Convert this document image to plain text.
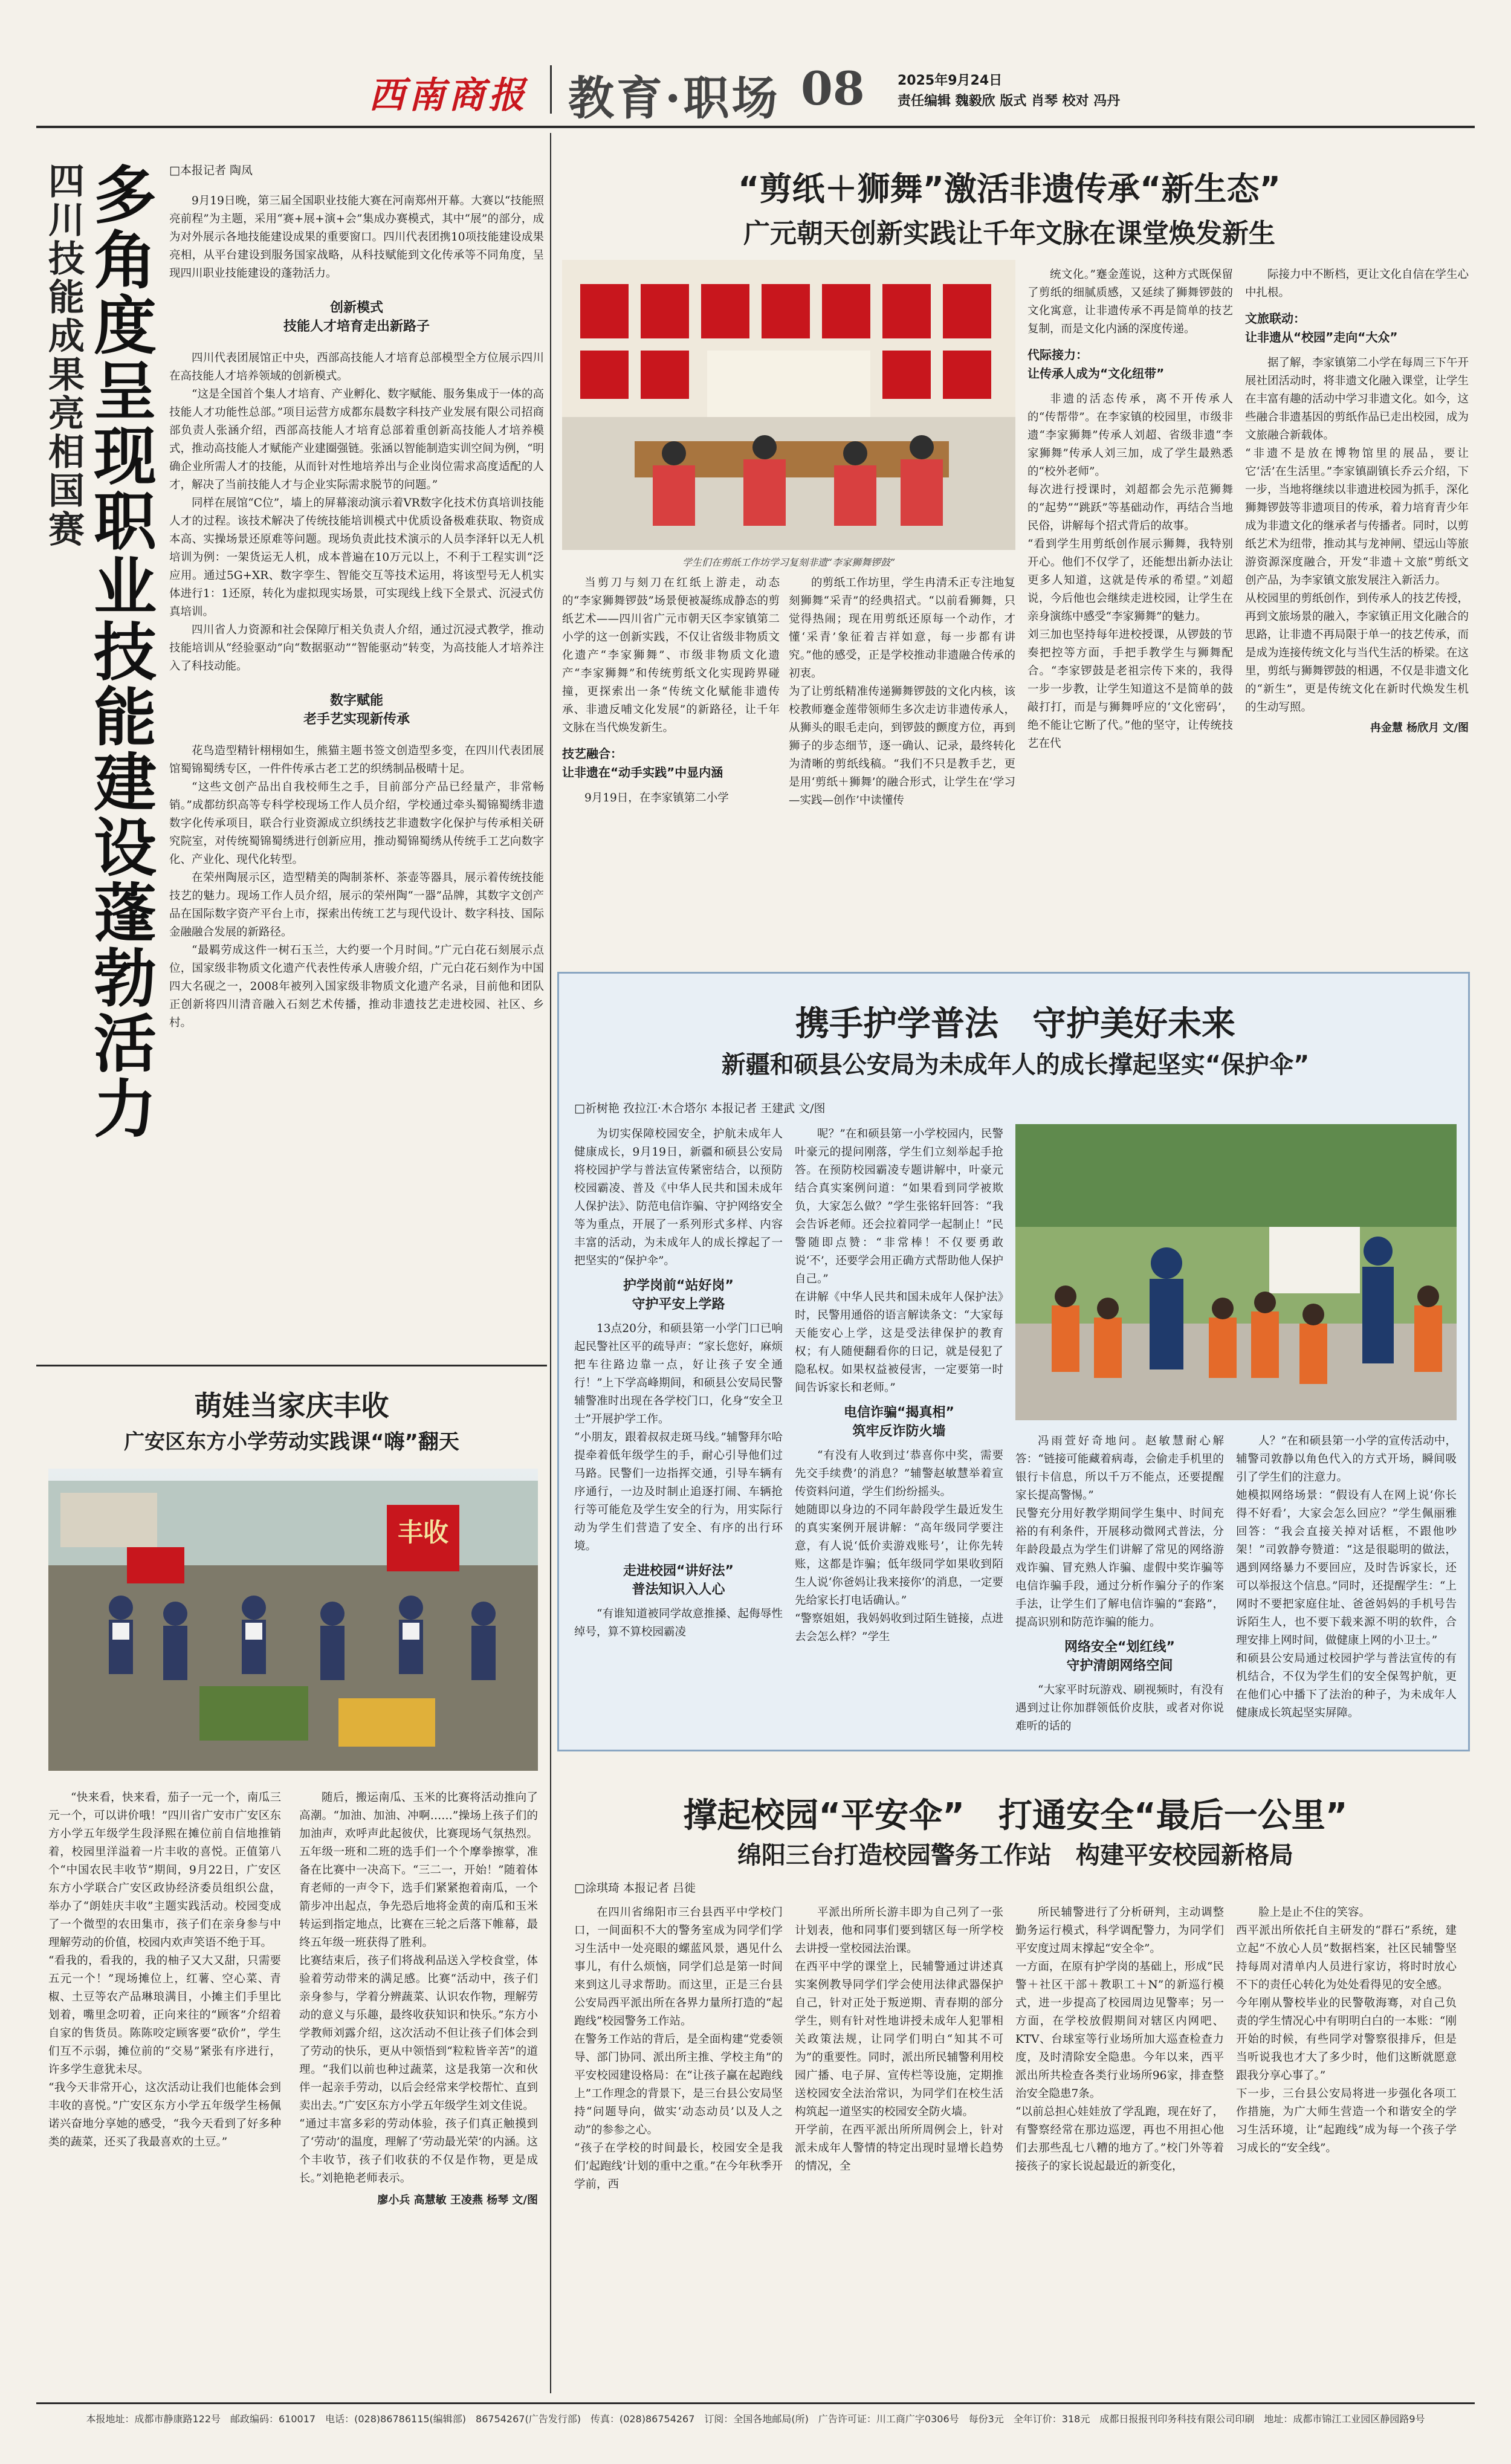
西南商报 教育·职场 08 2025年9月24日
责任编辑 魏毅欣 版式 肖琴 校对 冯丹
四川技能成果亮相国赛
多角度呈现职业技能建设蓬勃活力 □本报记者 陶凤

9月19日晚，第三届全国职业技能大赛在河南郑州开幕。大赛以“技能照亮前程”为主题，采用“赛+展+演+会”集成办赛模式，其中“展”的部分，成为对外展示各地技能建设成果的重要窗口。四川代表团携10项技能建设成果亮相，从平台建设到服务国家战略，从科技赋能到文化传承等不同角度，呈现四川职业技能建设的蓬勃活力。

创新模式
技能人才培育走出新路子

四川代表团展馆正中央，西部高技能人才培育总部模型全方位展示四川在高技能人才培养领域的创新模式。

“这是全国首个集人才培育、产业孵化、数字赋能、服务集成于一体的高技能人才功能性总部。”项目运营方成都东晨数字科技产业发展有限公司招商部负责人张涵介绍，西部高技能人才培育总部着重创新高技能人才培养模式，推动高技能人才赋能产业建圈强链。张涵以智能制造实训空间为例，“明确企业所需人才的技能，从而针对性地培养出与企业岗位需求高度适配的人才，解决了当前技能人才与企业实际需求脱节的问题。”

同样在展馆“C位”，墙上的屏幕滚动演示着VR数字化技术仿真培训技能人才的过程。该技术解决了传统技能培训模式中优质设备极难获取、物资成本高、实操场景还原难等问题。现场负责此技术演示的人员李泽轩以无人机培训为例：一架货运无人机，成本普遍在10万元以上，不利于工程实训“泛应用。通过5G+XR、数字孪生、智能交互等技术运用，将该型号无人机实体进行1：1还原，转化为虚拟现实场景，可实现线上线下全景式、沉浸式仿真培训。

四川省人力资源和社会保障厅相关负责人介绍，通过沉浸式教学，推动技能培训从“经验驱动”向“数据驱动”“智能驱动”转变，为高技能人才培养注入了科技动能。

数字赋能
老手艺实现新传承

花鸟造型精针栩栩如生，熊猫主题书签文创造型多变，在四川代表团展馆蜀锦蜀绣专区，一件件传承古老工艺的织绣制品极晴十足。

“这些文创产品出自我校师生之手，目前部分产品已经量产，非常畅销。”成都纺织高等专科学校现场工作人员介绍，学校通过牵头蜀锦蜀绣非遗数字化传承项目，联合行业资源成立织绣技艺非遗数字化保护与传承相关研究院室，对传统蜀锦蜀绣进行创新应用，推动蜀锦蜀绣从传统手工艺向数字化、产业化、现代化转型。

在荣州陶展示区，造型精美的陶制茶杯、茶壶等器具，展示着传统技能技艺的魅力。现场工作人员介绍，展示的荣州陶“一器”品牌，其数字文创产品在国际数字资产平台上市，探索出传统工艺与现代设计、数字科技、国际金融融合发展的新路径。

“最羁劳成这件一树石玉兰，大约要一个月时间。”广元白花石刻展示点位，国家级非物质文化遗产代表性传承人唐骏介绍，广元白花石刻作为中国四大名砚之一，2008年被列入国家级非物质文化遗产名录，目前他和团队正创新将四川清音融入石刻艺术传播，推动非遗技艺走进校园、社区、乡村。

萌娃当家庆丰收
广安区东方小学劳动实践课“嗨”翻天
丰收

“快来看，快来看，茄子一元一个，南瓜三元一个，可以讲价哦！”四川省广安市广安区东方小学五年级学生段泽熙在摊位前自信地推销着，校园里洋溢着一片丰收的喜悦。正值第八个“中国农民丰收节”期间，9月22日，广安区东方小学联合广安区政协经济委员组织公盘，举办了“朗娃庆丰收”主题实践活动。校园变成了一个微型的农田集市，孩子们在亲身参与中理解劳动的价值，校园内欢声笑语不绝于耳。
“看我的，看我的，我的柚子又大又甜，只需要五元一个！”现场摊位上，红薯、空心菜、青椒、土豆等农产品琳琅满目，小摊主们手里比划着，嘴里念叨着，正向来往的“顾客”介绍着自家的售货员。陈陈咬定顾客要“砍价”，学生们互不示弱，摊位前的“交易”紧张有序进行，许多学生意犹未尽。
“我今天非常开心，这次活动让我们也能体会到丰收的喜悦。”广安区东方小学五年级学生杨佩诺兴奋地分享她的感受，“我今天看到了好多种类的蔬菜，还买了我最喜欢的土豆。”

随后，搬运南瓜、玉米的比赛将活动推向了高潮。“加油、加油、冲啊……”操场上孩子们的加油声，欢呼声此起彼伏，比赛现场气氛热烈。五年级一班和二班的选手们一个个摩拳擦掌，准备在比赛中一决高下。“三二一，开始！”随着体育老师的一声令下，选手们紧紧抱着南瓜，一个箭步冲出起点，争先恐后地将金黄的南瓜和玉米转运到指定地点，比赛在三轮之后落下帷幕，最终五年级一班获得了胜利。
比赛结束后，孩子们将战利品送入学校食堂，体验着劳动带来的满足感。比赛“活动中，孩子们亲身参与，学着分辨蔬菜、认识农作物，理解劳动的意义与乐趣，最终收获知识和快乐。”东方小学教师刘露介绍，这次活动不但让孩子们体会到了劳动的快乐，更从中领悟到“粒粒皆辛苦”的道理。“我们以前也种过蔬菜，这是我第一次和伙伴一起亲手劳动，以后会经常来学校帮忙、直到卖出去。”广安区东方小学五年级学生刘文佳说。
“通过丰富多彩的劳动体验，孩子们真正触摸到了‘劳动’的温度，理解了‘劳动最光荣’的内涵。这个丰收节，孩子们收获的不仅是作物，更是成长。”刘艳艳老师表示。

廖小兵 高慧敏 王凌燕 杨琴 文/图
“剪纸＋狮舞”激活非遗传承“新生态”
广元朝天创新实践让千年文脉在课堂焕发新生
学生们在剪纸工作坊学习复刻非遗“李家狮舞锣鼓”

当剪刀与刻刀在红纸上游走，动态的“李家狮舞锣鼓”场景便被凝练成静态的剪纸艺术——四川省广元市朝天区李家镇第二小学的这一创新实践，不仅让省级非物质文化遗产“李家狮舞”、市级非物质文化遗产“李家狮舞”和传统剪纸文化实现跨界碰撞，更探索出一条“传统文化赋能非遗传承、非遗反哺文化发展”的新路径，让千年文脉在当代焕发新生。

技艺融合：
让非遗在“动手实践”中显内涵

9月19日，在李家镇第二小学

的剪纸工作坊里，学生冉清禾正专注地复刻狮舞“采青”的经典招式。“以前看狮舞，只觉得热闹；现在用剪纸还原每一个动作，才懂‘采青’象征着吉祥如意，每一步都有讲究。”他的感受，正是学校推动非遗融合传承的初衷。
为了让剪纸精准传递狮舞锣鼓的文化内核，该校教师蹇金莲带领师生多次走访非遗传承人，从狮头的眼毛走向，到锣鼓的颤度方位，再到狮子的步态细节，逐一确认、记录，最终转化为清晰的剪纸线稿。“我们不只是教手艺，更是用‘剪纸＋狮舞’的融合形式，让学生在‘学习—实践—创作’中读懂传

统文化。”蹇金莲说，这种方式既保留了剪纸的细腻质感，又延续了狮舞锣鼓的文化寓意，让非遗传承不再是简单的技艺复制，而是文化内涵的深度传递。

代际接力：
让传承人成为“文化纽带”

非遗的活态传承，离不开传承人的“传帮带”。在李家镇的校园里，市级非遗“李家狮舞”传承人刘超、省级非遗“李家狮舞”传承人刘三加，成了学生最熟悉的“校外老师”。
每次进行授课时，刘超都会先示范狮舞的“起势”“跳跃”等基础动作，再结合当地民俗，讲解每个招式背后的故事。
“看到学生用剪纸创作展示狮舞，我特别开心。他们不仅学了，还能想出新办法让更多人知道，这就是传承的希望。”刘超说，今后他也会继续走进校园，让学生在亲身演练中感受“李家狮舞”的魅力。
刘三加也坚持每年进校授课，从锣鼓的节奏把控等方面，手把手教学生与狮舞配合。“李家锣鼓是老祖宗传下来的，我得一步一步教，让学生知道这不是简单的鼓敲打打，而是与狮舞呼应的‘文化密码’，绝不能让它断了代。”他的坚守，让传统技艺在代

际接力中不断档，更让文化自信在学生心中扎根。

文旅联动：
让非遗从“校园”走向“大众”

据了解，李家镇第二小学在每周三下午开展社团活动时，将非遗文化融入课堂，让学生在丰富有趣的活动中学习非遗文化。如今，这些融合非遗基因的剪纸作品已走出校园，成为文旅融合新载体。
“非遗不是放在博物馆里的展品，要让它‘活’在生活里。”李家镇副镇长乔云介绍，下一步，当地将继续以非遗进校园为抓手，深化狮舞锣鼓等非遗项目的传承，着力培育青少年成为非遗文化的继承者与传播者。同时，以剪纸艺术为纽带，推动其与龙神闸、望远山等旅游资源深度融合，开发“非遗＋文旅”剪纸文创产品，为李家镇文旅发展注入新活力。
从校园里的剪纸创作，到传承人的技艺传授，再到文旅场景的融入，李家镇正用文化融合的思路，让非遗不再局限于单一的技艺传承，而是成为连接传统文化与当代生活的桥梁。在这里，剪纸与狮舞锣鼓的相遇，不仅是非遗文化的“新生”，更是传统文化在新时代焕发生机的生动写照。

冉金慧 杨欣月 文/图
携手护学普法　守护美好未来
新疆和硕县公安局为未成年人的成长撑起坚实“保护伞”
□祈树艳 孜拉江·木合塔尔 本报记者 王建武 文/图

为切实保障校园安全，护航未成年人健康成长，9月19日，新疆和硕县公安局将校园护学与普法宣传紧密结合，以预防校园霸凌、普及《中华人民共和国未成年人保护法》、防范电信诈骗、守护网络安全等为重点，开展了一系列形式多样、内容丰富的活动，为未成年人的成长撑起了一把坚实的“保护伞”。

护学岗前“站好岗”
守护平安上学路

13点20分，和硕县第一小学门口已响起民警社区平的疏导声：“家长您好，麻烦把车往路边靠一点，好让孩子安全通行！”上下学高峰期间，和硕县公安局民警辅警准时出现在各学校门口，化身“安全卫士”开展护学工作。
“小朋友，跟着叔叔走斑马线。”辅警拜尔哈提牵着低年级学生的手，耐心引导他们过马路。民警们一边指挥交通，引导车辆有序通行，一边及时制止追逐打闹、车辆抢行等可能危及学生安全的行为，用实际行动为学生们营造了安全、有序的出行环境。

走进校园“讲好法”
普法知识入人心

“有谁知道被同学故意推搡、起侮辱性绰号，算不算校园霸凌

呢？”在和硕县第一小学校园内，民警叶豪元的提问刚落，学生们立刻举起手抢答。在预防校园霸凌专题讲解中，叶豪元结合真实案例问道：“如果看到同学被欺负，大家怎么做？”学生张铭轩回答：“我会告诉老师。还会拉着同学一起制止！”民警随即点赞：“非常棒！不仅要勇敢说‘不’，还要学会用正确方式帮助他人保护自己。”
在讲解《中华人民共和国未成年人保护法》时，民警用通俗的语言解读条文：“大家每天能安心上学，这是受法律保护的教育权；有人随便翻看你的日记，就是侵犯了隐私权。如果权益被侵害，一定要第一时间告诉家长和老师。”

电信诈骗“揭真相”
筑牢反诈防火墙

“有没有人收到过‘恭喜你中奖，需要先交手续费’的消息？”辅警赵敏慧举着宣传资料问道，学生们纷纷摇头。
她随即以身边的不同年龄段学生最近发生的真实案例开展讲解：“高年级同学要注意，有人说‘低价卖游戏账号’，让你先转账，这都是诈骗；低年级同学如果收到陌生人说‘你爸妈让我来接你’的消息，一定要先给家长打电话确认。”
“警察姐姐，我妈妈收到过陌生链接，点进去会怎么样？”学生

冯雨萱好奇地问。赵敏慧耐心解答：“链接可能藏着病毒，会偷走手机里的银行卡信息，所以千万不能点，还要提醒家长提高警惕。”
民警充分用好教学期间学生集中、时间充裕的有利条件，开展移动微网式普法，分年龄段最点为学生们讲解了常见的网络游戏诈骗、冒充熟人诈骗、虚假中奖诈骗等电信诈骗手段，通过分析作骗分子的作案手法，让学生们了解电信诈骗的“套路”，提高识别和防范诈骗的能力。

网络安全“划红线”
守护清朗网络空间

“大家平时玩游戏、刷视频时，有没有遇到过让你加群领低价皮肤，或者对你说难听的话的

人？”在和硕县第一小学的宣传活动中，辅警司敦静以角色代入的方式开场，瞬间吸引了学生们的注意力。
她模拟网络场景：“假设有人在网上说‘你长得不好看’，大家会怎么回应？”学生佩丽雅回答：“我会直接关掉对话框，不跟他吵架！”司敦静夸赞道：“这是很聪明的做法，遇到网络暴力不要回应，及时告诉家长，还可以举报这个信息。”同时，还提醒学生：“上网时不要把家庭住址、爸爸妈妈的手机号告诉陌生人，也不要下载来源不明的软件，合理安排上网时间，做健康上网的小卫士。”
和硕县公安局通过校园护学与普法宣传的有机结合，不仅为学生们的安全保驾护航，更在他们心中播下了法治的种子，为未成年人健康成长筑起坚实屏障。

撑起校园“平安伞”　打通安全“最后一公里”
绵阳三台打造校园警务工作站　构建平安校园新格局
□涂琪琦 本报记者 吕徙

在四川省绵阳市三台县西平中学校门口，一间面积不大的警务室成为同学们学习生活中一处亮眼的螺蓝风景，遇见什么事儿，有什么烦恼，同学们总是第一时间来到这儿寻求帮助。而这里，正是三台县公安局西平派出所在各界力量所打造的“起跑线”校园警务工作站。
在警务工作站的背后，是全面构建“党委领导、部门协同、派出所主推、学校主角”的平安校园建设格局：在“让孩子赢在起跑线上”工作理念的背景下，是三台县公安局坚持“问题导向，做实‘动态动员’以及人之动”的参参之心。
“孩子在学校的时间最长，校园安全是我们‘起跑线’计划的重中之重。”在今年秋季开学前，西

平派出所所长游丰即为自己列了一张计划表，他和同事们要到辖区每一所学校去讲授一堂校园法治课。
在西平中学的课堂上，民辅警通过讲述真实案例教导同学们学会使用法律武器保护自己，针对正处于叛逆期、青春期的部分学生，则有针对性地讲授未成年人犯罪相关政策法规，让同学们明白“知其不可为”的重要性。同时，派出所民辅警利用校园广播、电子屏、宣传栏等设施，定期推送校园安全法治常识，为同学们在校生活构筑起一道坚实的校园安全防火墙。
开学前，在西平派出所所周例会上，针对派未成年人警情的特定出现时显增长趋势的情况，全

所民辅警进行了分析研判，主动调整勤务运行模式，科学调配警力，为同学们平安度过周末撑起“安全伞”。
一方面，在原有护学岗的基础上，形成“民警＋社区干部＋教职工＋N”的新巡行模式，进一步提高了校园周边见警率；另一方面，在学校放假期间对辖区内网吧、KTV、台球室等行业场所加大巡查检查力度，及时清除安全隐患。今年以来，西平派出所共检查各类行业场所96家，排查整治安全隐患7条。
“以前总担心娃娃放了学乱跑，现在好了，有警察经常在那边巡逻，再也不用担心他们去那些乱七八糟的地方了。”校门外等着接孩子的家长说起最近的新变化，

脸上是止不住的笑容。
西平派出所依托自主研发的“群石”系统，建立起“不放心人员”数据档案，社区民辅警坚持每周对清单内人员进行家访，将时时放心不下的责任心转化为处处看得见的安全感。
今年刚从警校毕业的民警敬海骞，对自己负责的学生情况心中有明明白白的一本账：“刚开始的时候，有些同学对警察很排斥，但是当听说我也才大了多少时，他们这断就愿意跟我分享心事了。”
下一步，三台县公安局将进一步强化各项工作措施，为广大师生营造一个和谐安全的学习生活环境，让“起跑线”成为每一个孩子学习成长的“安全线”。

本报地址：成都市静康路122号　邮政编码：610017　电话：(028)86786115(编辑部)　86754267(广告发行部)　传真：(028)86754267　订阅：全国各地邮局(所)　广告许可证：川工商广字0306号　每份3元　全年订价：318元　成都日报报刊印务科技有限公司印刷　地址：成都市锦江工业园区静园路9号
